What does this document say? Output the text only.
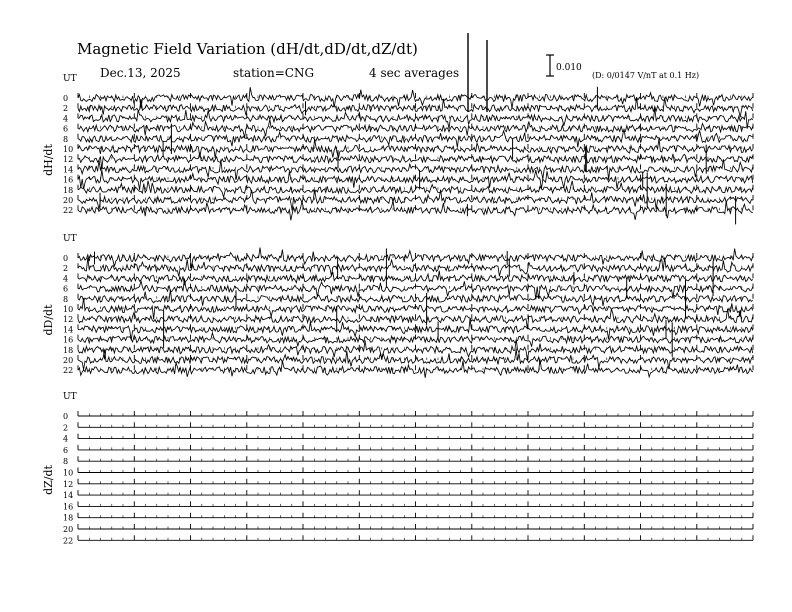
Magnetic Field Variation (dH/dt,dD/dt,dZ/dt)
Dec.13, 2025	station=CNG	4 sec averages	0.010
(D: 0/0147 V/nT at 0.1 Hz)
UT
dH/dt
0
2
4
6
8
10
12
14
16
18
20
22
UT
dD/dt
0
2
4
6
8
10
12
14
16
18
20
22
UT
dZ/dt
0
2
4
6
8
10
12
14
16
18
20
22
